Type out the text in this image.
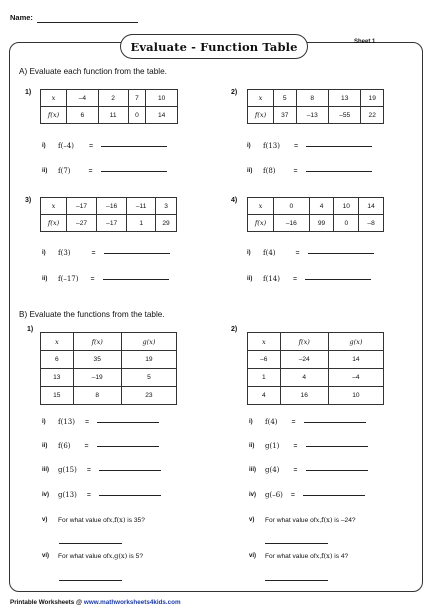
Name:
Evaluate - Function Table	Sheet 1
A) Evaluate each function from the table.
1)
x	–4	2	7	10
f(x)	6	11	0	14
i)	f(–4) =
ii)	f(7)	=
2)
x	5	8	13	19
f(x)	37	–13	–55	22
i)	f(13) =
ii)	f(8)	=
3)
x	–17	–16	–11	3
f(x)	–27	–17	1	29
i)	f(3)	=
ii)	f(–17) =
4)
x	0	4	10	14
f(x)	–16	99	0	–8
i)	f(4)	=
ii)	f(14) =
B) Evaluate the functions from the table.
1)
x	f(x)	g(x)
6	35	19
13	–19	5
15	8	23
i)	f(13) =
ii)	f(6) =
iii)	g(15) =
iv)	g(13) =
v)	For what value of x , f(x) is 35?
vi)	For what value of x , g(x) is 5?
2)
x	f(x)	g(x)
–6	–24	14
1	4	–4
4	16	10
i)	f(4) =
ii)	g(1) =
iii)	g(4) =
iv)	g(–6) =
v)	For what value of x , f(x) is –24?
vi)	For what value of x , f(x) is 4?
Printable Worksheets @ www.mathworksheets4kids.com
